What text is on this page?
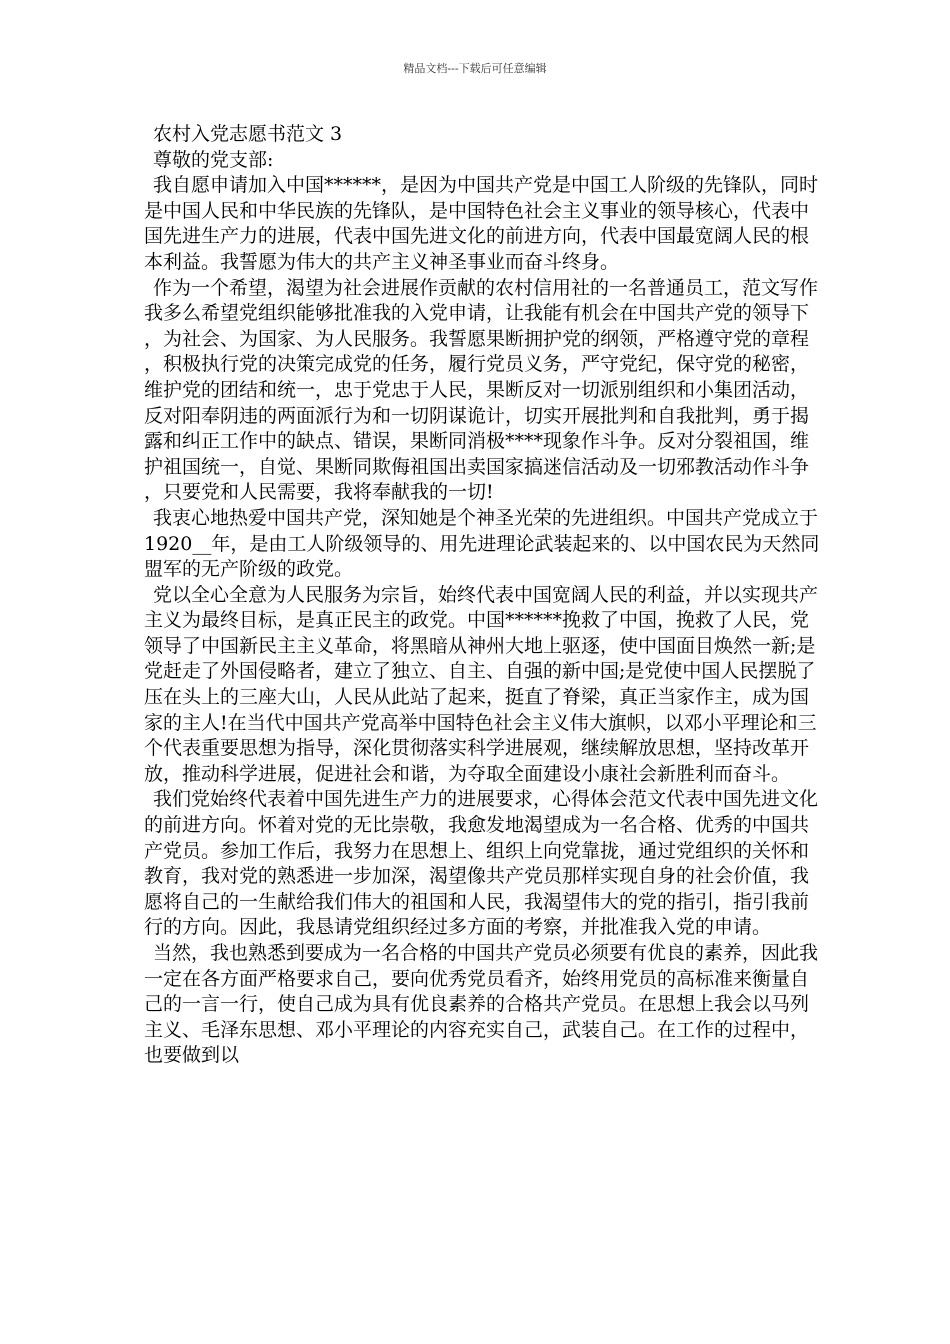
精品文档---下载后可任意编辑

农村入党志愿书范文 3

尊敬的党支部:

我自愿申请加入中国******，是因为中国共产党是中国工人阶级的先锋队，同时是中国人民和中华民族的先锋队，是中国特色社会主义事业的领导核心，代表中国先进生产力的进展，代表中国先进文化的前进方向，代表中国最宽阔人民的根本利益。我誓愿为伟大的共产主义神圣事业而奋斗终身。

作为一个希望，渴望为社会进展作贡献的农村信用社的一名普通员工，范文写作我多么希望党组织能够批准我的入党申请，让我能有机会在中国共产党的领导下，为社会、为国家、为人民服务。我誓愿果断拥护党的纲领，严格遵守党的章程，积极执行党的决策完成党的任务，履行党员义务，严守党纪，保守党的秘密，维护党的团结和统一，忠于党忠于人民，果断反对一切派别组织和小集团活动，反对阳奉阴违的两面派行为和一切阴谋诡计，切实开展批判和自我批判，勇于揭露和纠正工作中的缺点、错误，果断同消极****现象作斗争。反对分裂祖国，维护祖国统一，自觉、果断同欺侮祖国出卖国家搞迷信活动及一切邪教活动作斗争，只要党和人民需要，我将奉献我的一切!

我衷心地热爱中国共产党，深知她是个神圣光荣的先进组织。中国共产党成立于 1920__年，是由工人阶级领导的、用先进理论武装起来的、以中国农民为天然同盟军的无产阶级的政党。

党以全心全意为人民服务为宗旨，始终代表中国宽阔人民的利益，并以实现共产主义为最终目标，是真正民主的政党。中国******挽救了中国，挽救了人民，党领导了中国新民主主义革命，将黑暗从神州大地上驱逐，使中国面目焕然一新;是党赶走了外国侵略者，建立了独立、自主、自强的新中国;是党使中国人民摆脱了压在头上的三座大山，人民从此站了起来，挺直了脊梁，真正当家作主，成为国家的主人!在当代中国共产党高举中国特色社会主义伟大旗帜，以邓小平理论和三个代表重要思想为指导，深化贯彻落实科学进展观，继续解放思想，坚持改革开放，推动科学进展，促进社会和谐，为夺取全面建设小康社会新胜利而奋斗。

我们党始终代表着中国先进生产力的进展要求，心得体会范文代表中国先进文化的前进方向。怀着对党的无比崇敬，我愈发地渴望成为一名合格、优秀的中国共产党员。参加工作后，我努力在思想上、组织上向党靠拢，通过党组织的关怀和教育，我对党的熟悉进一步加深，渴望像共产党员那样实现自身的社会价值，我愿将自己的一生献给我们伟大的祖国和人民，我渴望伟大的党的指引，指引我前行的方向。因此，我恳请党组织经过多方面的考察，并批准我入党的申请。

当然，我也熟悉到要成为一名合格的中国共产党员必须要有优良的素养，因此我一定在各方面严格要求自己，要向优秀党员看齐，始终用党员的高标准来衡量自己的一言一行，使自己成为具有优良素养的合格共产党员。在思想上我会以马列主义、毛泽东思想、邓小平理论的内容充实自己，武装自己。在工作的过程中，也要做到以
